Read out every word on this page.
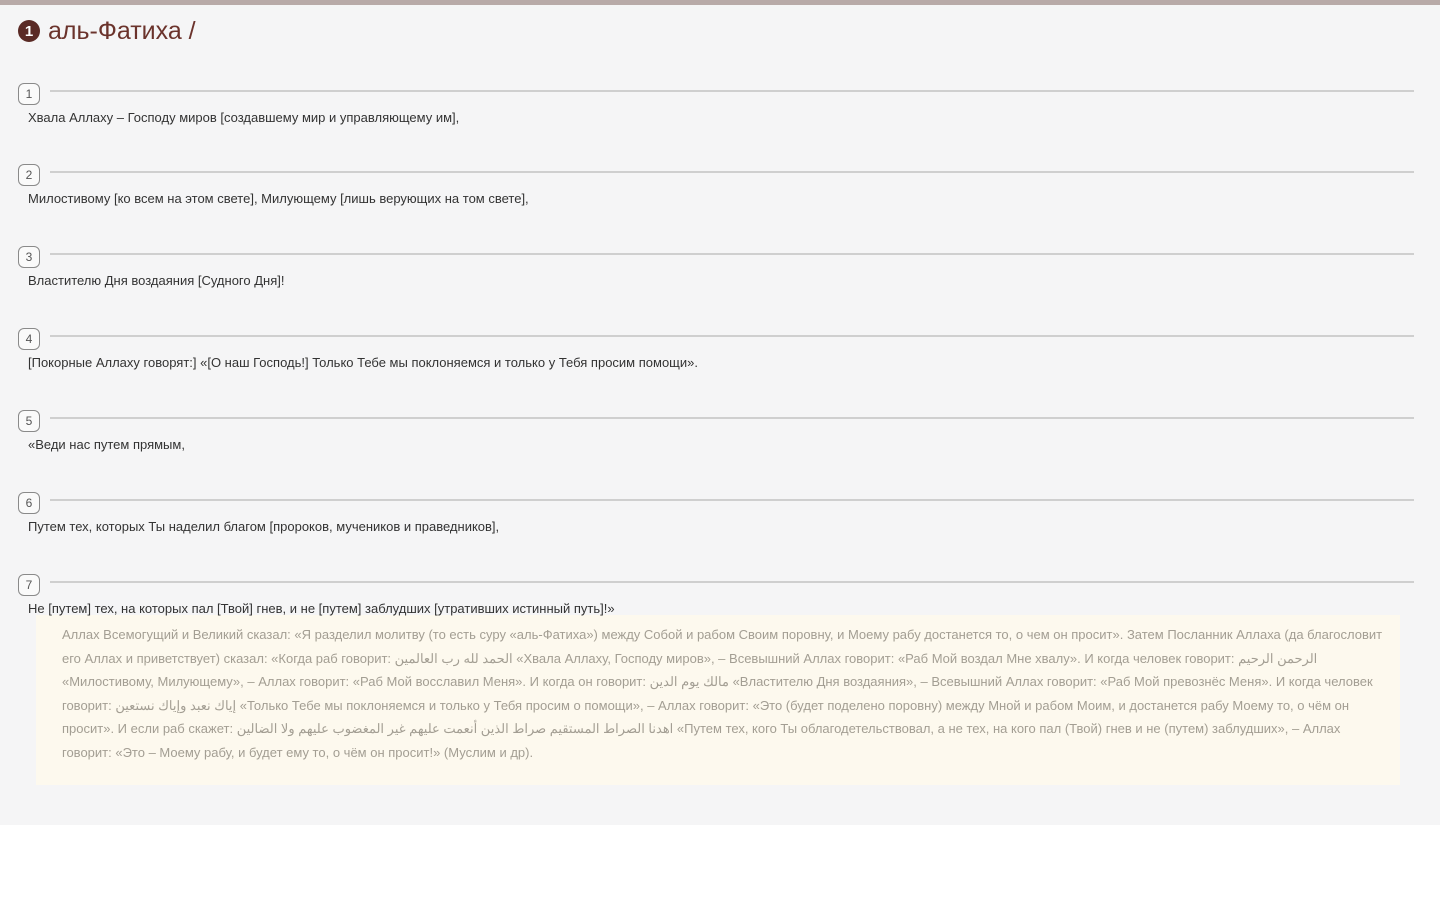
1 аль-Фатиха /
1
Хвала Аллаху – Господу миров [создавшему мир и управляющему им],
2
Милостивому [ко всем на этом свете], Милующему [лишь верующих на том свете],
3
Властителю Дня воздаяния [Судного Дня]!
4
[Покорные Аллаху говорят:] «[О наш Господь!] Только Тебе мы поклоняемся и только у Тебя просим помощи».
5
«Веди нас путем прямым,
6
Путем тех, которых Ты наделил благом [пророков, мучеников и праведников],
7
Не [путем] тех, на которых пал [Твой] гнев, и не [путем] заблудших [утративших истинный путь]!»
Аллах Всемогущий и Великий сказал: «Я разделил молитву (то есть суру «аль-Фатиха») между Собой и рабом Своим поровну, и Моему рабу достанется то, о чем он просит». Затем Посланник Аллаха (да благословит его Аллах и приветствует) сказал: «Когда раб говорит: الحمد لله رب العالمين «Хвала Аллаху, Господу миров», – Всевышний Аллах говорит: «Раб Мой воздал Мне хвалу». И когда человек говорит: الرحمن الرحيم «Милостивому, Милующему», – Аллах говорит: «Раб Мой восславил Меня». И когда он говорит: مالك يوم الدين «Властителю Дня воздаяния», – Всевышний Аллах говорит: «Раб Мой превознёс Меня». И когда человек говорит: إياك نعبد وإياك نستعين «Только Тебе мы поклоняемся и только у Тебя просим о помощи», – Аллах говорит: «Это (будет поделено поровну) между Мной и рабом Моим, и достанется рабу Моему то, о чём он просит». И если раб скажет: اهدنا الصراط المستقيم صراط الذين أنعمت عليهم غير المغضوب عليهم ولا الضالين «Путем тех, кого Ты облагодетельствовал, а не тех, на кого пал (Твой) гнев и не (путем) заблудших», – Аллах говорит: «Это – Моему рабу, и будет ему то, о чём он просит!» (Муслим и др).
